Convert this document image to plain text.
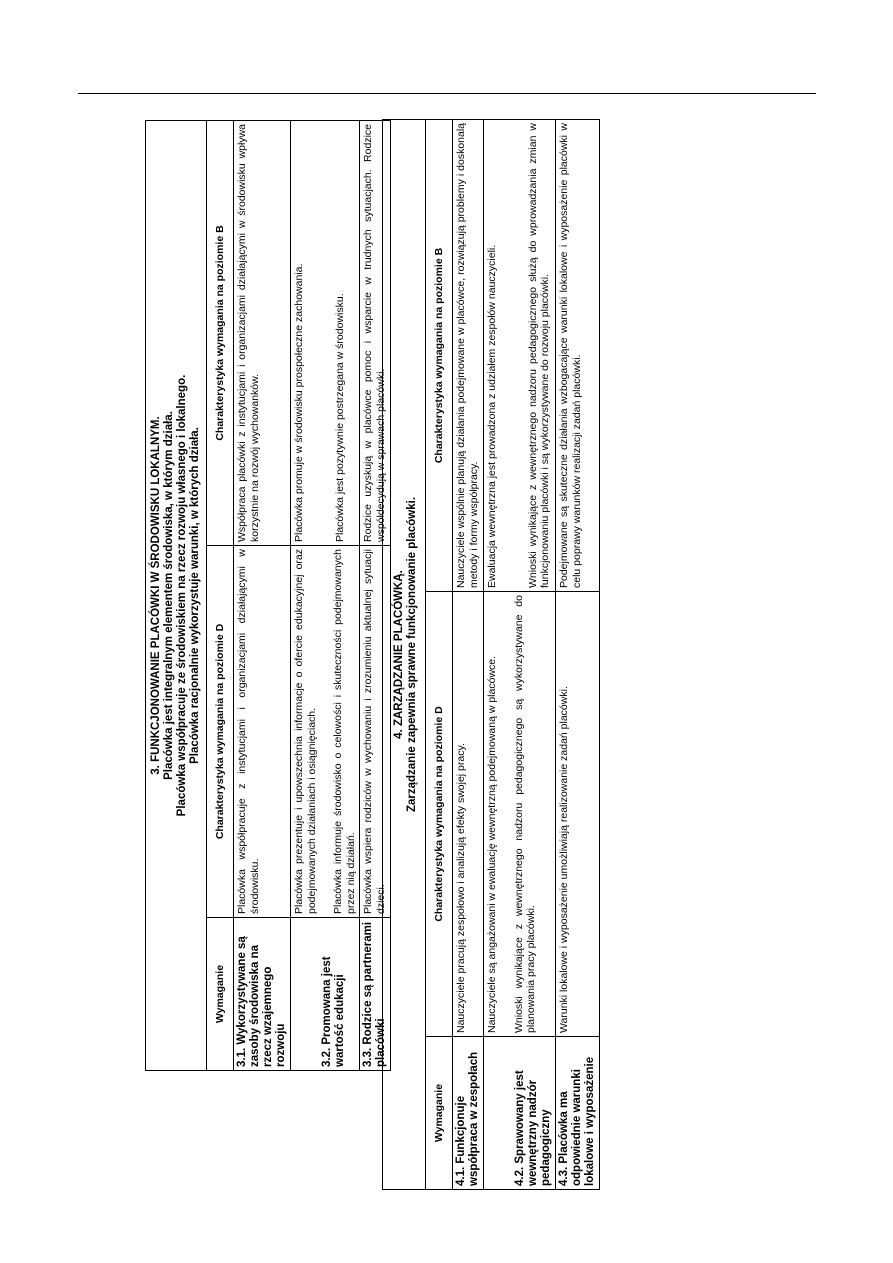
3. FUNKCJONOWANIE PLACÓWKI W ŚRODOWISKU LOKALNYM. Placówka jest integralnym elementem środowiska, w którym działa. Placówka współpracuje ze środowiskiem na rzecz rozwoju własnego i lokalnego. Placówka racjonalnie wykorzystuje warunki, w których działa.		

Wymaganie	Charakterystyka wymagania na poziomie D	Charakterystyka wymagania na poziomie B
3.1. Wykorzystywane są zasoby środowiska na rzecz wzajemnego rozwoju	Placówka współpracuje z instytucjami i organizacjami działającymi w środowisku.	Współpraca placówki z instytucjami i organizacjami działającymi w środowisku wpływa korzystnie na rozwój wychowanków.

3.2. Promowana jest wartość edukacji	Placówka prezentuje i upowszechnia informacje o ofercie edukacyjnej oraz podejmowanych działaniach i osiągnięciach. Placówka informuje środowisko o celowości i skuteczności podejmowanych przez nią działań.	Placówka promuje w środowisku prospołeczne zachowania. Placówka jest pozytywnie postrzegana w środowisku.

3.3. Rodzice są partnerami placówki	Placówka wspiera rodziców w wychowaniu i zrozumieniu aktualnej sytuacji dzieci.	Rodzice uzyskują w placówce pomoc i wsparcie w trudnych sytuacjach. Rodzice współdecydują w sprawach placówki.
4. ZARZĄDZANIE PLACÓWKĄ. Zarządzanie zapewnia sprawne funkcjonowanie placówki.		

Wymaganie	Charakterystyka wymagania na poziomie D	Charakterystyka wymagania na poziomie B
4.1. Funkcjonuje współpraca w zespołach	Nauczyciele pracują zespołowo i analizują efekty swojej pracy.	Nauczyciele wspólnie planują działania podejmowane w placówce, rozwiązują problemy i doskonalą metody i formy współpracy.

4.2. Sprawowany jest wewnętrzny nadzór pedagogiczny	Nauczyciele są angażowani w ewaluację wewnętrzną podejmowaną w placówce. Wnioski wynikające z wewnętrznego nadzoru pedagogicznego są wykorzystywane do planowania pracy placówki.	Ewaluacja wewnętrzna jest prowadzona z udziałem zespołów nauczycieli. Wnioski wynikające z wewnętrznego nadzoru pedagogicznego służą do wprowadzania zmian w funkcjonowaniu placówki i są wykorzystywane do rozwoju placówki.

4.3. Placówka ma odpowiednie warunki lokalowe i wyposażenie	Warunki lokalowe i wyposażenie umożliwiają realizowanie zadań placówki.	Podejmowane są skuteczne działania wzbogacające warunki lokalowe i wyposażenie placówki w celu poprawy warunków realizacji zadań placówki.
